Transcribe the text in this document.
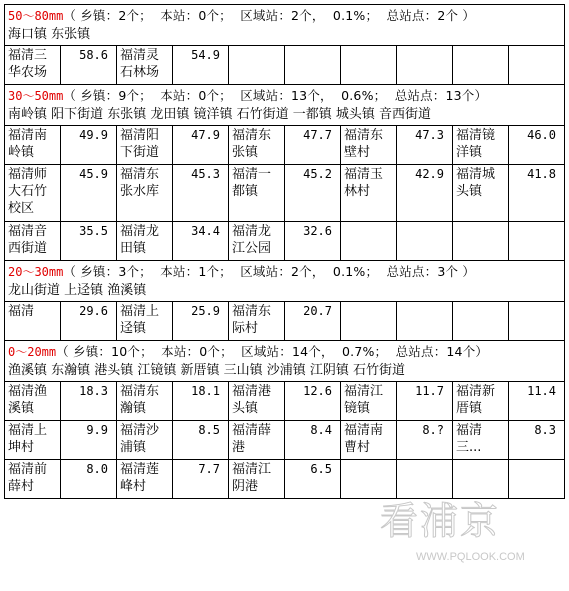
50～80mm（ 乡镇：2个；  本站：0个；  区域站：2个，  0.1%；  总站点：2个 ）
海口镇 东张镇									

福清三华农场	58.6	福清灵石林场	54.9						
30～50mm（ 乡镇：9个；  本站：0个；  区域站：13个，  0.6%；  总站点：13个）
南岭镇 阳下街道 东张镇 龙田镇 镜洋镇 石竹街道 一都镇 城头镇 音西街道									

福清南岭镇	49.9	福清阳下街道	47.9	福清东张镇	47.7	福清东壁村	47.3	福清镜洋镇	46.0
福清师大石竹校区	45.9	福清东张水库	45.3	福清一都镇	45.2	福清玉林村	42.9	福清城头镇	41.8
福清音西街道	35.5	福清龙田镇	34.4	福清龙江公园	32.6				
20～30mm（ 乡镇：3个；  本站：1个；  区域站：2个，  0.1%；  总站点：3个 ）
龙山街道 上迳镇 渔溪镇									

福清	29.6	福清上迳镇	25.9	福清东际村	20.7				
0～20mm（ 乡镇：10个；  本站：0个；  区域站：14个，  0.7%；  总站点：14个）
渔溪镇 东瀚镇 港头镇 江镜镇 新厝镇 三山镇 沙浦镇 江阴镇 石竹街道									

福清渔溪镇	18.3	福清东瀚镇	18.1	福清港头镇	12.6	福清江镜镇	11.7	福清新厝镇	11.4
福清上坤村	9.9	福清沙浦镇	8.5	福清薛港	8.4	福清南曹村	8.?	福清三...	8.3
福清前薛村	8.0	福清莲峰村	7.7	福清江阴港	6.5				
看浦京
WWW.PQLOOK.COM
